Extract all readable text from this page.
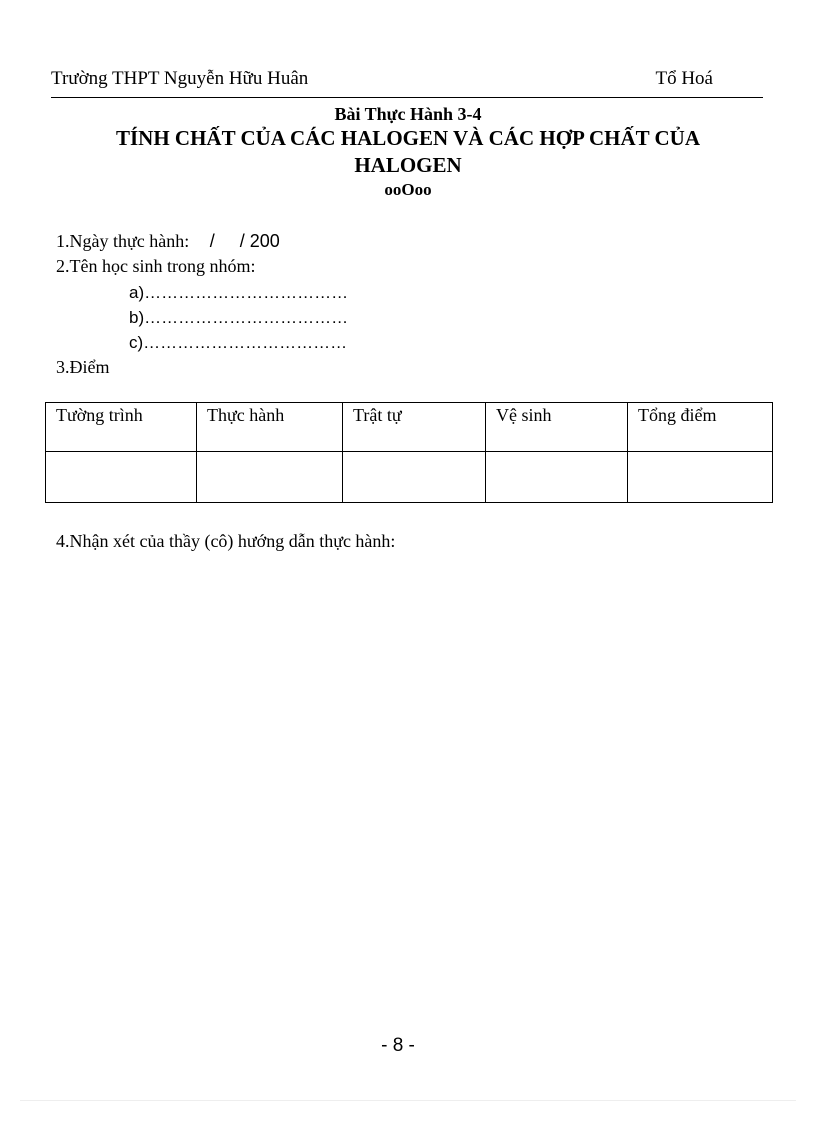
Trường THPT Nguyễn Hữu Huân	Tổ Hoá
Bài Thực Hành 3-4
TÍNH CHẤT CỦA CÁC HALOGEN VÀ CÁC HỢP CHẤT CỦA
HALOGEN
ooOoo
1.Ngày thực hành: /     / 200
2.Tên học sinh trong nhóm:
a)………………………………
b)………………………………
c)………………………………
3.Điểm
Tường trình	Thực hành	Trật tự	Vệ sinh	Tổng điểm

4.Nhận xét của thầy (cô) hướng dẫn thực hành:
- 8 -
